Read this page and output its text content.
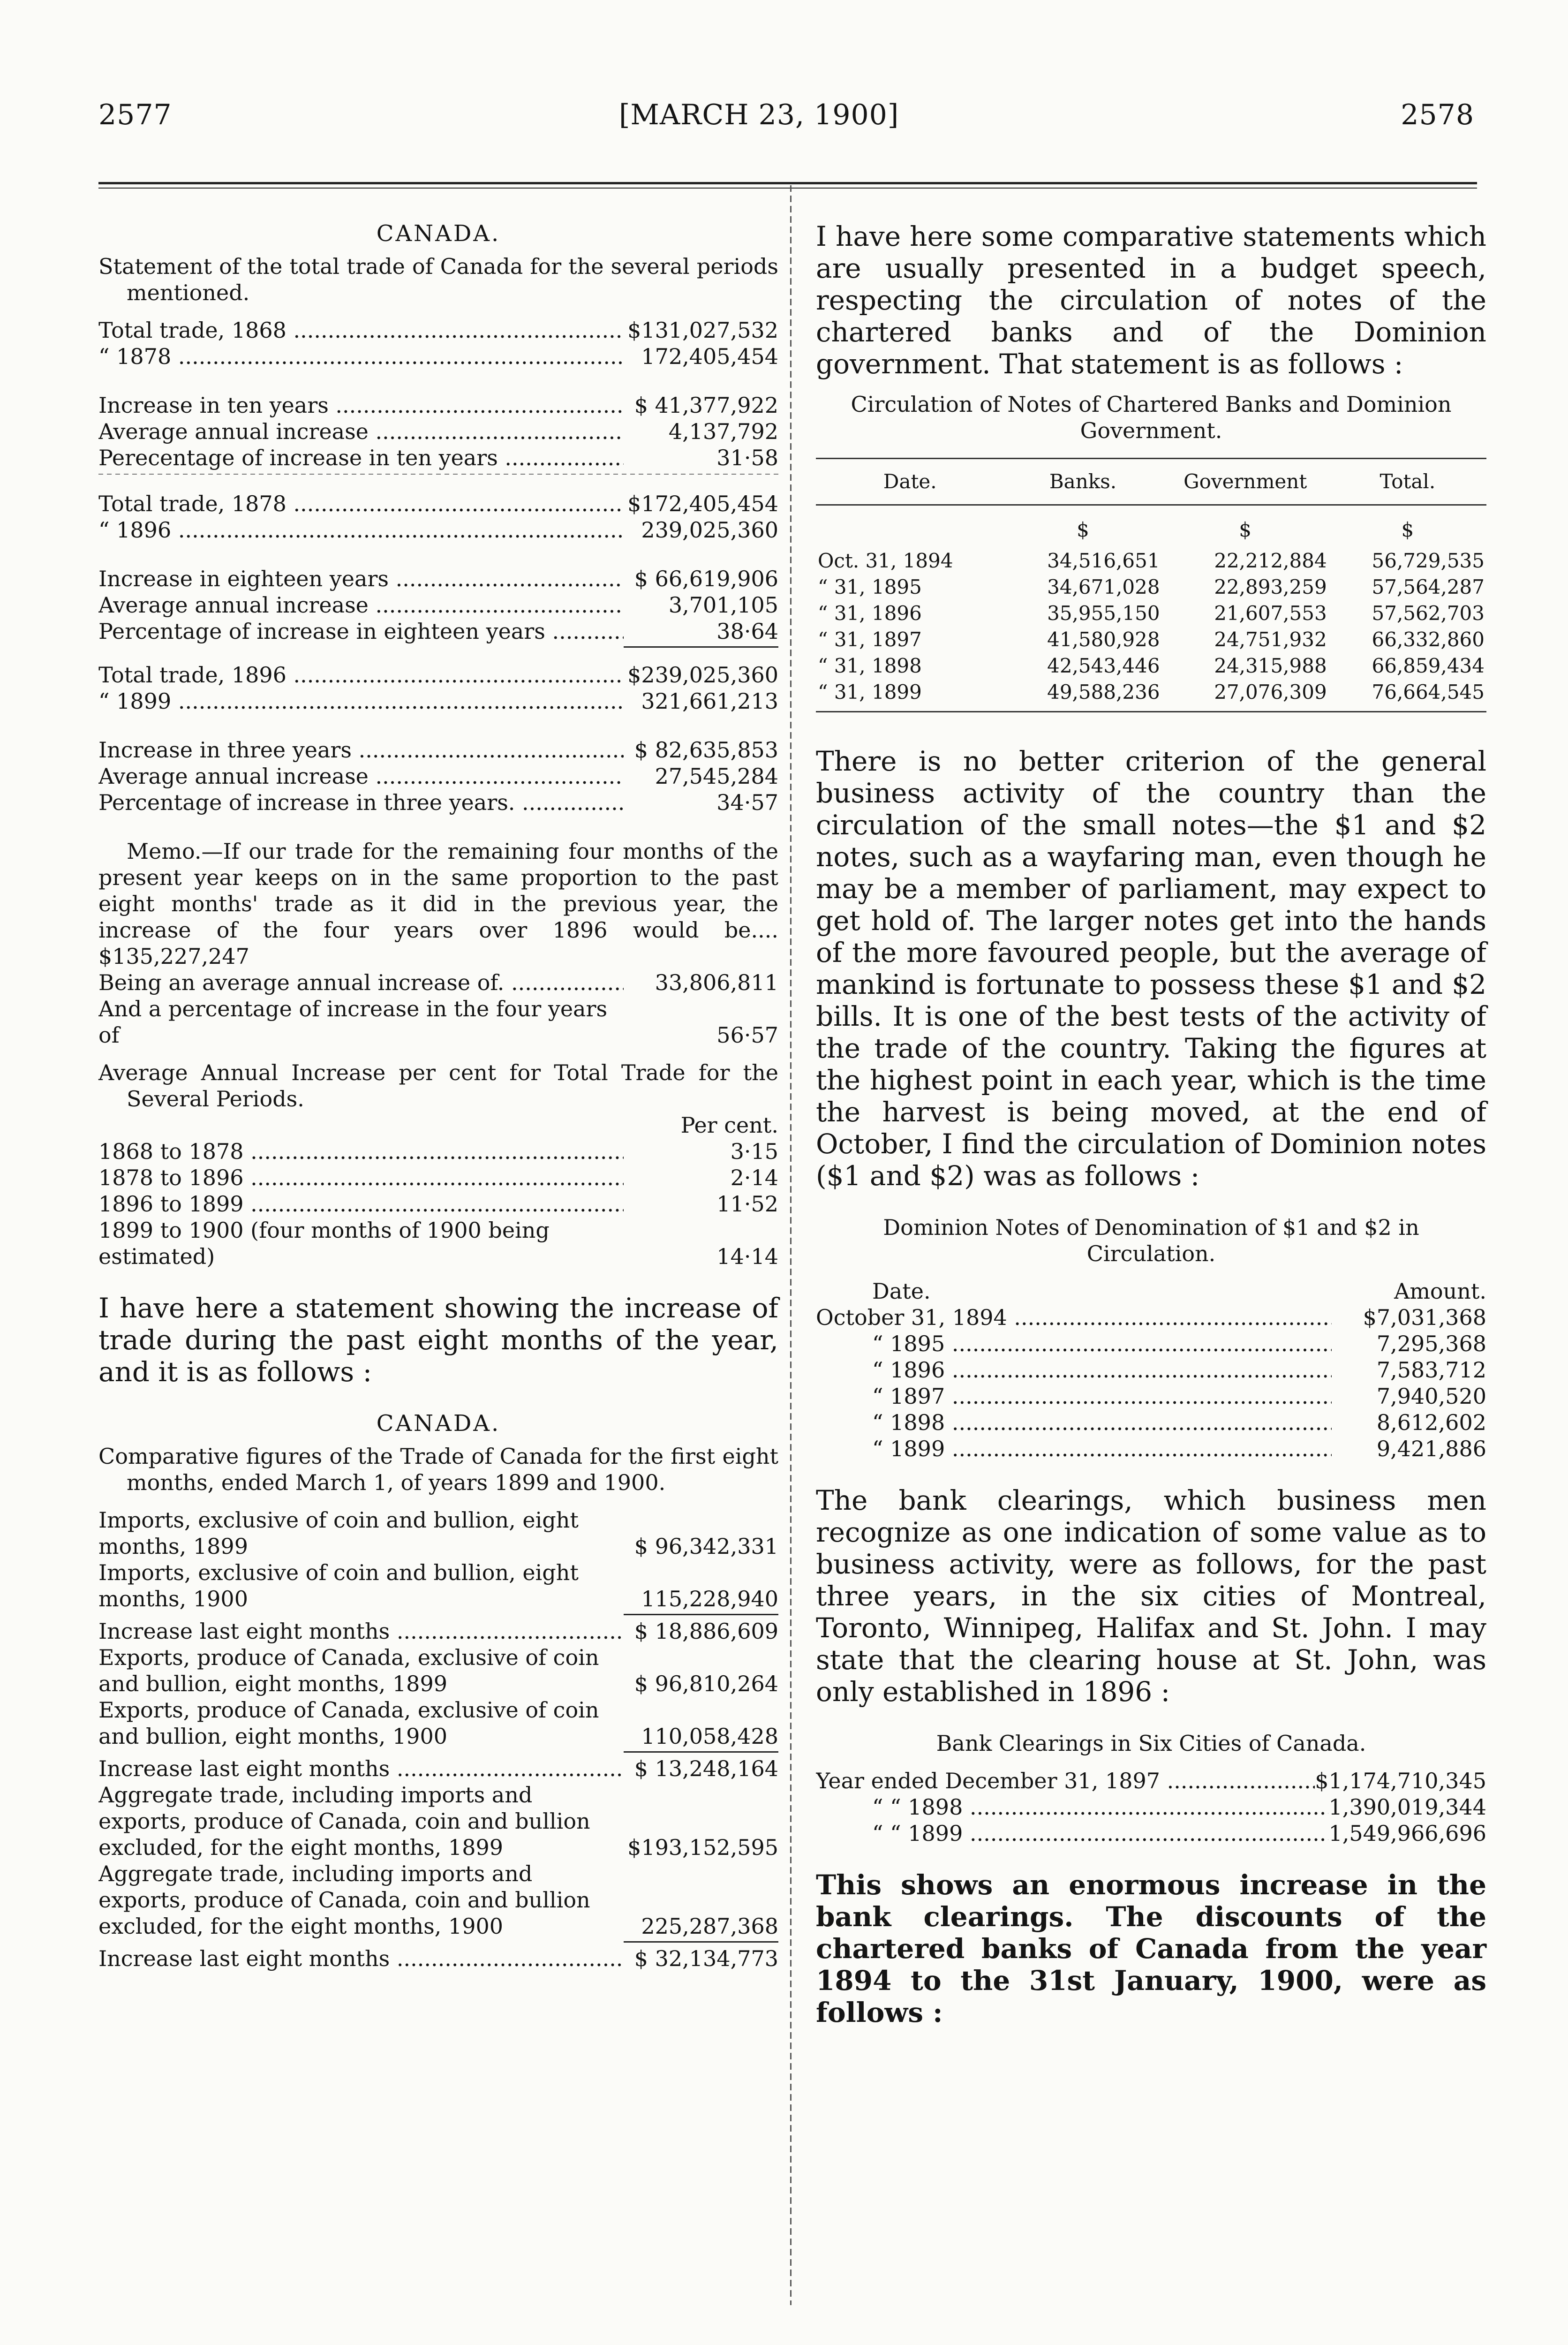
2577	[MARCH 23, 1900]	2578
CANADA.
Statement of the total trade of Canada for the several periods mentioned.
Total trade, 1868 .....	$131,027,532
“ 1878 .....	172,405,454
Increase in ten years .....	$ 41,377,922
Average annual increase .....	4,137,792
Perecentage of increase in ten years .....	31·58
Total trade, 1878 .....	$172,405,454
“ 1896 .....	239,025,360
Increase in eighteen years .....	$ 66,619,906
Average annual increase .....	3,701,105
Percentage of increase in eighteen years .....	38·64
Total trade, 1896 .....	$239,025,360
“ 1899 .....	321,661,213
Increase in three years .....	$ 82,635,853
Average annual increase .....	27,545,284
Percentage of increase in three years. .....	34·57
Memo.—If our trade for the remaining four months of the present year keeps on in the same proportion to the past eight months' trade as it did in the previous year, the increase of the four years over 1896 would be.... $135,227,247
Being an average annual increase of. .....	33,806,811
And a percentage of increase in the four years of	56·57
Average Annual Increase per cent for Total Trade for the Several Periods.
Per cent.
1868 to 1878 .....	3·15
1878 to 1896 .....	2·14
1896 to 1899 .....	11·52
1899 to 1900 (four months of 1900 being estimated)	14·14
I have here a statement showing the increase of trade during the past eight months of the year, and it is as follows :
CANADA.
Comparative figures of the Trade of Canada for the first eight months, ended March 1, of years 1899 and 1900.
Imports, exclusive of coin and bullion, eight months, 1899	$ 96,342,331
Imports, exclusive of coin and bullion, eight months, 1900	115,228,940
Increase last eight months .....	$ 18,886,609
Exports, produce of Canada, exclusive of coin and bullion, eight months, 1899	$ 96,810,264
Exports, produce of Canada, exclusive of coin and bullion, eight months, 1900	110,058,428
Increase last eight months .....	$ 13,248,164
Aggregate trade, including imports and exports, produce of Canada, coin and bullion excluded, for the eight months, 1899	$193,152,595
Aggregate trade, including imports and exports, produce of Canada, coin and bullion excluded, for the eight months, 1900	225,287,368
Increase last eight months .....	$ 32,134,773
I have here some comparative statements which are usually presented in a budget speech, respecting the circulation of notes of the chartered banks and of the Dominion government. That statement is as follows :
Circulation of Notes of Chartered Banks and Dominion Government.
Date.	Banks.	Government	Total.
	$	$	$
Oct. 31, 1894	34,516,651	22,212,884	56,729,535
“ 31, 1895	34,671,028	22,893,259	57,564,287
“ 31, 1896	35,955,150	21,607,553	57,562,703
“ 31, 1897	41,580,928	24,751,932	66,332,860
“ 31, 1898	42,543,446	24,315,988	66,859,434
“ 31, 1899	49,588,236	27,076,309	76,664,545
There is no better criterion of the general business activity of the country than the circulation of the small notes—the $1 and $2 notes, such as a wayfaring man, even though he may be a member of parliament, may expect to get hold of. The larger notes get into the hands of the more favoured people, but the average of mankind is fortunate to possess these $1 and $2 bills. It is one of the best tests of the activity of the trade of the country. Taking the figures at the highest point in each year, which is the time the harvest is being moved, at the end of October, I find the circulation of Dominion notes ($1 and $2) was as follows :
Dominion Notes of Denomination of $1 and $2 in Circulation.
Date.	Amount.
October 31, 1894 .....	$7,031,368
“ 1895 .....	7,295,368
“ 1896 .....	7,583,712
“ 1897 .....	7,940,520
“ 1898 .....	8,612,602
“ 1899 .....	9,421,886
The bank clearings, which business men recognize as one indication of some value as to business activity, were as follows, for the past three years, in the six cities of Montreal, Toronto, Winnipeg, Halifax and St. John. I may state that the clearing house at St. John, was only established in 1896 :
Bank Clearings in Six Cities of Canada.
Year ended December 31, 1897 .....	$1,174,710,345
“ “ 1898 .....	1,390,019,344
“ “ 1899 .....	1,549,966,696
This shows an enormous increase in the bank clearings. The discounts of the chartered banks of Canada from the year 1894 to the 31st January, 1900, were as follows :
